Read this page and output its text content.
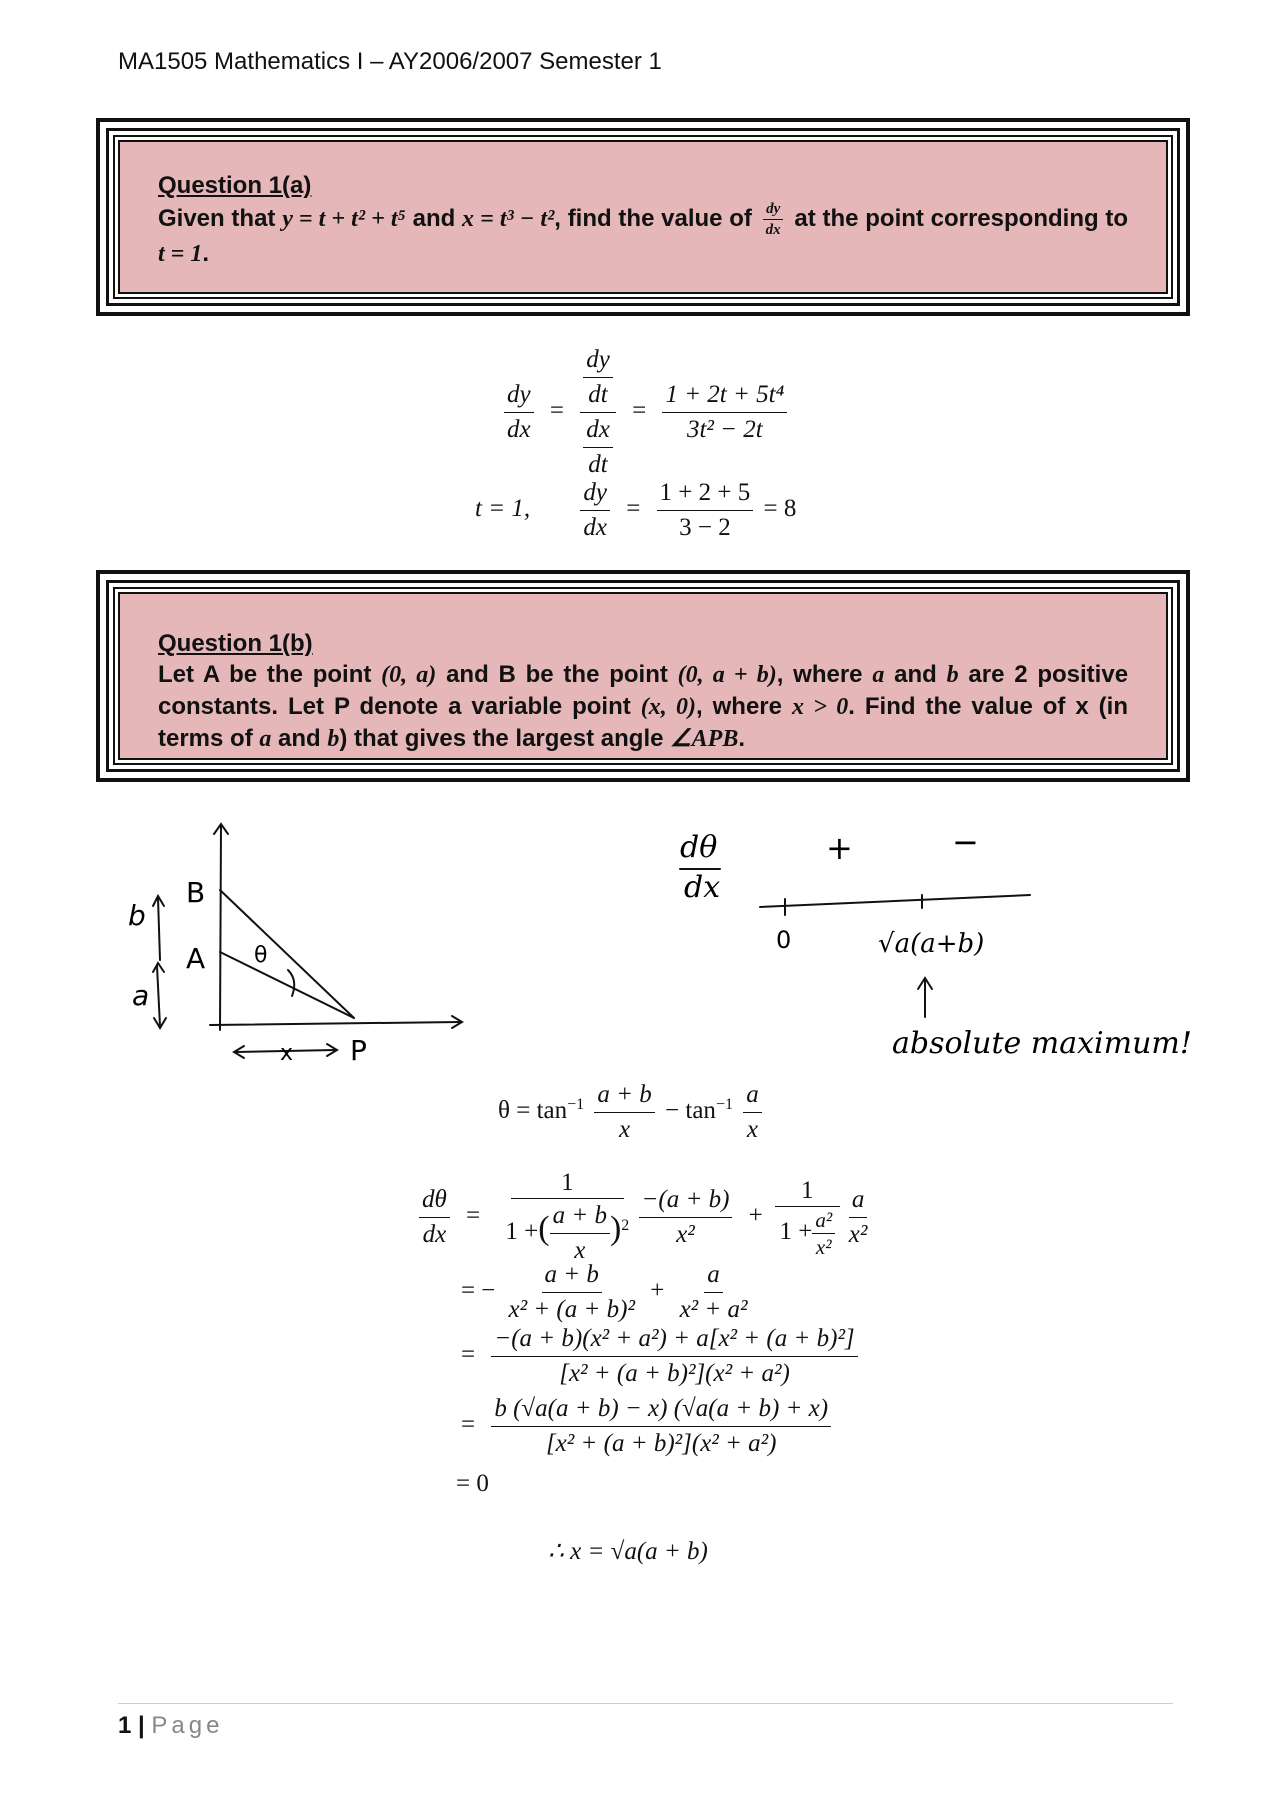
MA1505 Mathematics I – AY2006/2007 Semester 1
Question 1(a)
Given that y = t + t² + t⁵ and x = t³ − t², find the value of $\frac{dy}{dx}$ at the point corresponding to t = 1.
$\frac{dy}{dx} = \frac{\frac{dy}{dt}}{\frac{dx}{dt}} = \frac{\text{1 + 2t + 5t⁴}}{\text{3t² − 2t}}$
t = 1, $\frac{dy}{dx} = \frac{1 + 2 + 5}{3 - 2} = 8$
Question 1(b)
Let A be the point (0, a) and B be the point (0, a + b), where a and b are 2 positive constants. Let P denote a variable point (x, 0), where x > 0. Find the value of x (in terms of a and b) that gives the largest angle ∠APB.
b
B
A
a
θ
x P
dθ
dx
+	−
0	√a(a+b)
absolute maximum!
$\theta = \tan^{-1} \frac{a + b}{x} - \tan^{-1} \frac{a}{x}$
$\frac{d\theta}{dx} = \frac{1}{1 +( \frac{a + b}{x} )^2}$
$\frac{-(a + b)}{\text{x²}} + \frac{1}{1 + \frac{\text{a²}}{\text{x²}}}$
$\frac{a}{\text{x²}}$
= − $\frac{a + b}{\text{x² + (a + b)²}} + \frac{a}{\text{x² + a²}}$
= $\frac{\text{−(a + b)(x² + a²) + a[x² + (a + b)²]}}{\text{[x² + (a + b)²](x² + a²)}}$
= $\frac{b (√a(a + b) - x) (√a(a + b) + x)}{\text{[x² + (a + b)²](x² + a²)}}$
= 0
∴ x = √a(a + b)
1 | Page
